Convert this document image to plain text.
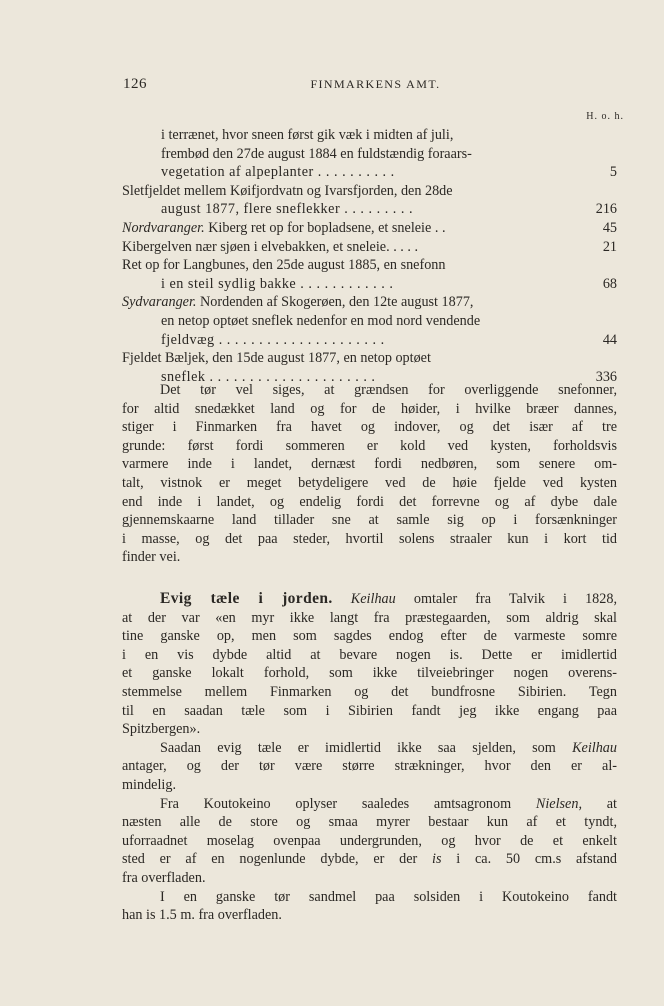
126	FINMARKENS AMT.
H. o. h.
i terrænet, hvor sneen først gik væk i midten af juli,
frembød den 27de august 1884 en fuldstændig foraars-
vegetation af alpeplanter . . . . . . . . . .	5
Sletfjeldet mellem Køifjordvatn og Ivarsfjorden, den 28de
august 1877, flere sneflekker . . . . . . . . .	216
Nordvaranger. Kiberg ret op for bopladsene, et sneleie . .	45
Kibergelven nær sjøen i elvebakken, et sneleie. . . . .	21
Ret op for Langbunes, den 25de august 1885, en snefonn
i en steil sydlig bakke . . . . . . . . . . . .	68
Sydvaranger. Nordenden af Skogerøen, den 12te august 1877,
en netop optøet sneflek nedenfor en mod nord vendende
fjeldvæg . . . . . . . . . . . . . . . . . . . . .	44
Fjeldet Bæljek, den 15de august 1877, en netop optøet
sneflek . . . . . . . . . . . . . . . . . . . . .	336
Det tør vel siges, at grændsen for overliggende snefonner,
for altid snedækket land og for de høider, i hvilke bræer dannes,
stiger i Finmarken fra havet og indover, og det især af tre
grunde: først fordi sommeren er kold ved kysten, forholdsvis
varmere inde i landet, dernæst fordi nedbøren, som senere om-
talt, vistnok er meget betydeligere ved de høie fjelde ved kysten
end inde i landet, og endelig fordi det forrevne og af dybe dale
gjennemskaarne land tillader sne at samle sig op i forsænkninger
i masse, og det paa steder, hvortil solens straaler kun i kort tid
finder vei.
Evig tæle i jorden. Keilhau omtaler fra Talvik i 1828,
at der var «en myr ikke langt fra præstegaarden, som aldrig skal
tine ganske op, men som sagdes endog efter de varmeste somre
i en vis dybde altid at bevare nogen is. Dette er imidlertid
et ganske lokalt forhold, som ikke tilveiebringer nogen overens-
stemmelse mellem Finmarken og det bundfrosne Sibirien. Tegn
til en saadan tæle som i Sibirien fandt jeg ikke engang paa
Spitzbergen».
Saadan evig tæle er imidlertid ikke saa sjelden, som Keilhau
antager, og der tør være større strækninger, hvor den er al-
mindelig.
Fra Koutokeino oplyser saaledes amtsagronom Nielsen, at
næsten alle de store og smaa myrer bestaar kun af et tyndt,
uforraadnet moselag ovenpaa undergrunden, og hvor de et enkelt
sted er af en nogenlunde dybde, er der is i ca. 50 cm.s afstand
fra overfladen.
I en ganske tør sandmel paa solsiden i Koutokeino fandt
han is 1.5 m. fra overfladen.
